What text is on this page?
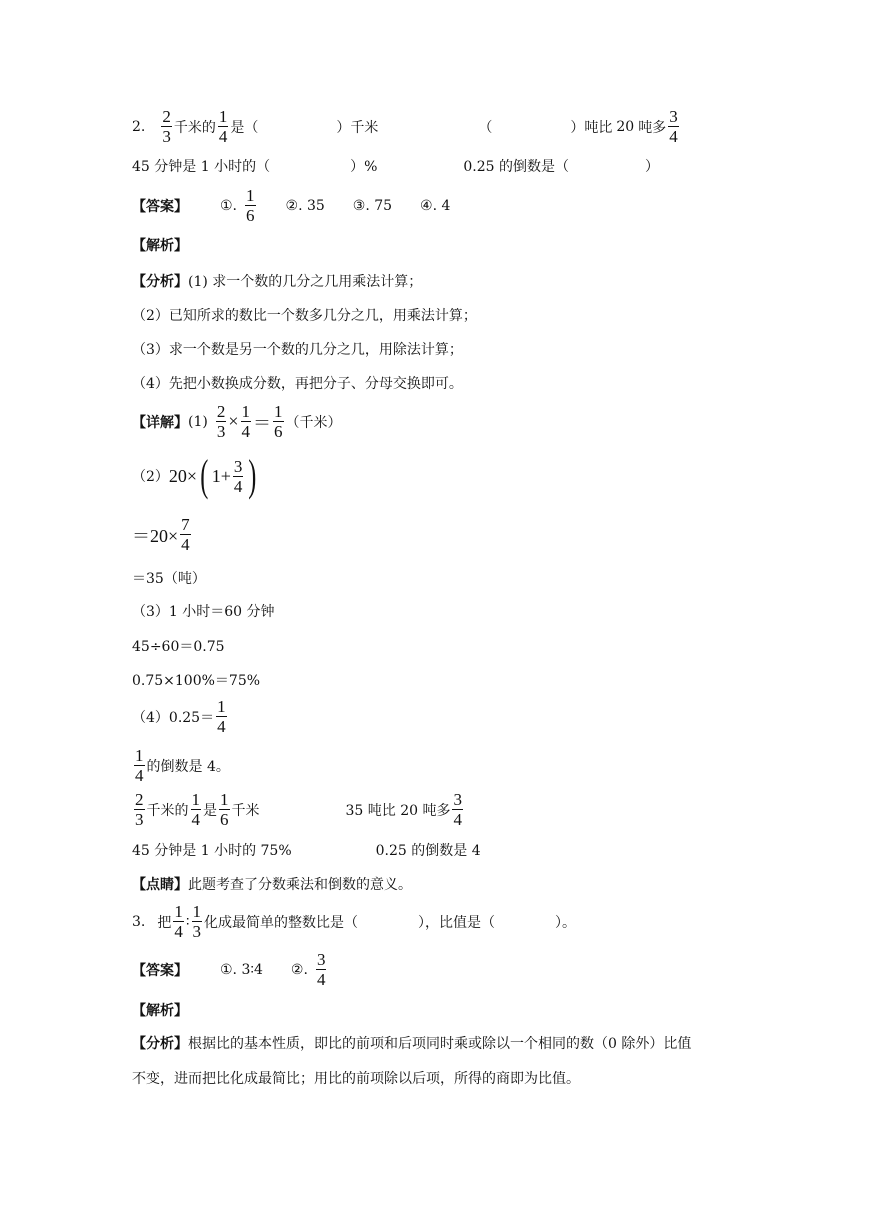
2. $\frac{2}{3}$ 千米的 $\frac{1}{4}$ 是（	）千米	（	）吨比 20 吨多 $\frac{3}{4}$
45 分钟是 1 小时的（	）%	0.25 的倒数是（	）
【答案】 ①. $\frac{1}{6}$ ②. 35 ③. 75 ④. 4
【解析】
【分析】 (1) 求一个数的几分之几用乘法计算；
（2）已知所求的数比一个数多几分之几，用乘法计算；
（3）求一个数是另一个数的几分之几，用除法计算；
（4）先把小数换成分数，再把分子、分母交换即可。
【详解】 $(1) \frac{2}{3} \times \frac{1}{4} = \frac{1}{6}$ （千米）
（2） 20× ( $1+ \frac{3}{4}$ )
$=20\times \frac{7}{4}$
＝35（吨）
（3）1 小时＝60 分钟
45÷60＝0.75
0.75×100%＝75%
$(4)0.25= \frac{1}{4}$
$\frac{1}{4}$ 的倒数是 4。
$\frac{2}{3}$ 千米的 $\frac{1}{4}$ 是 $\frac{1}{6}$ 千米	35 吨比 20 吨多 $\frac{3}{4}$
45 分钟是 1 小时的 75%	0.25 的倒数是 4
【点睛】 此题考查了分数乘法和倒数的意义。
3. 把 $\frac{1}{4}$ ∶ $\frac{1}{3}$ 化成最简单的整数比是（	），比值是（	）。
【答案】 ①. 3∶4 ②. $\frac{3}{4}$
【解析】
【分析】 根据比的基本性质，即比的前项和后项同时乘或除以一个相同的数（0 除外）比值
不变，进而把比化成最简比；用比的前项除以后项，所得的商即为比值。
